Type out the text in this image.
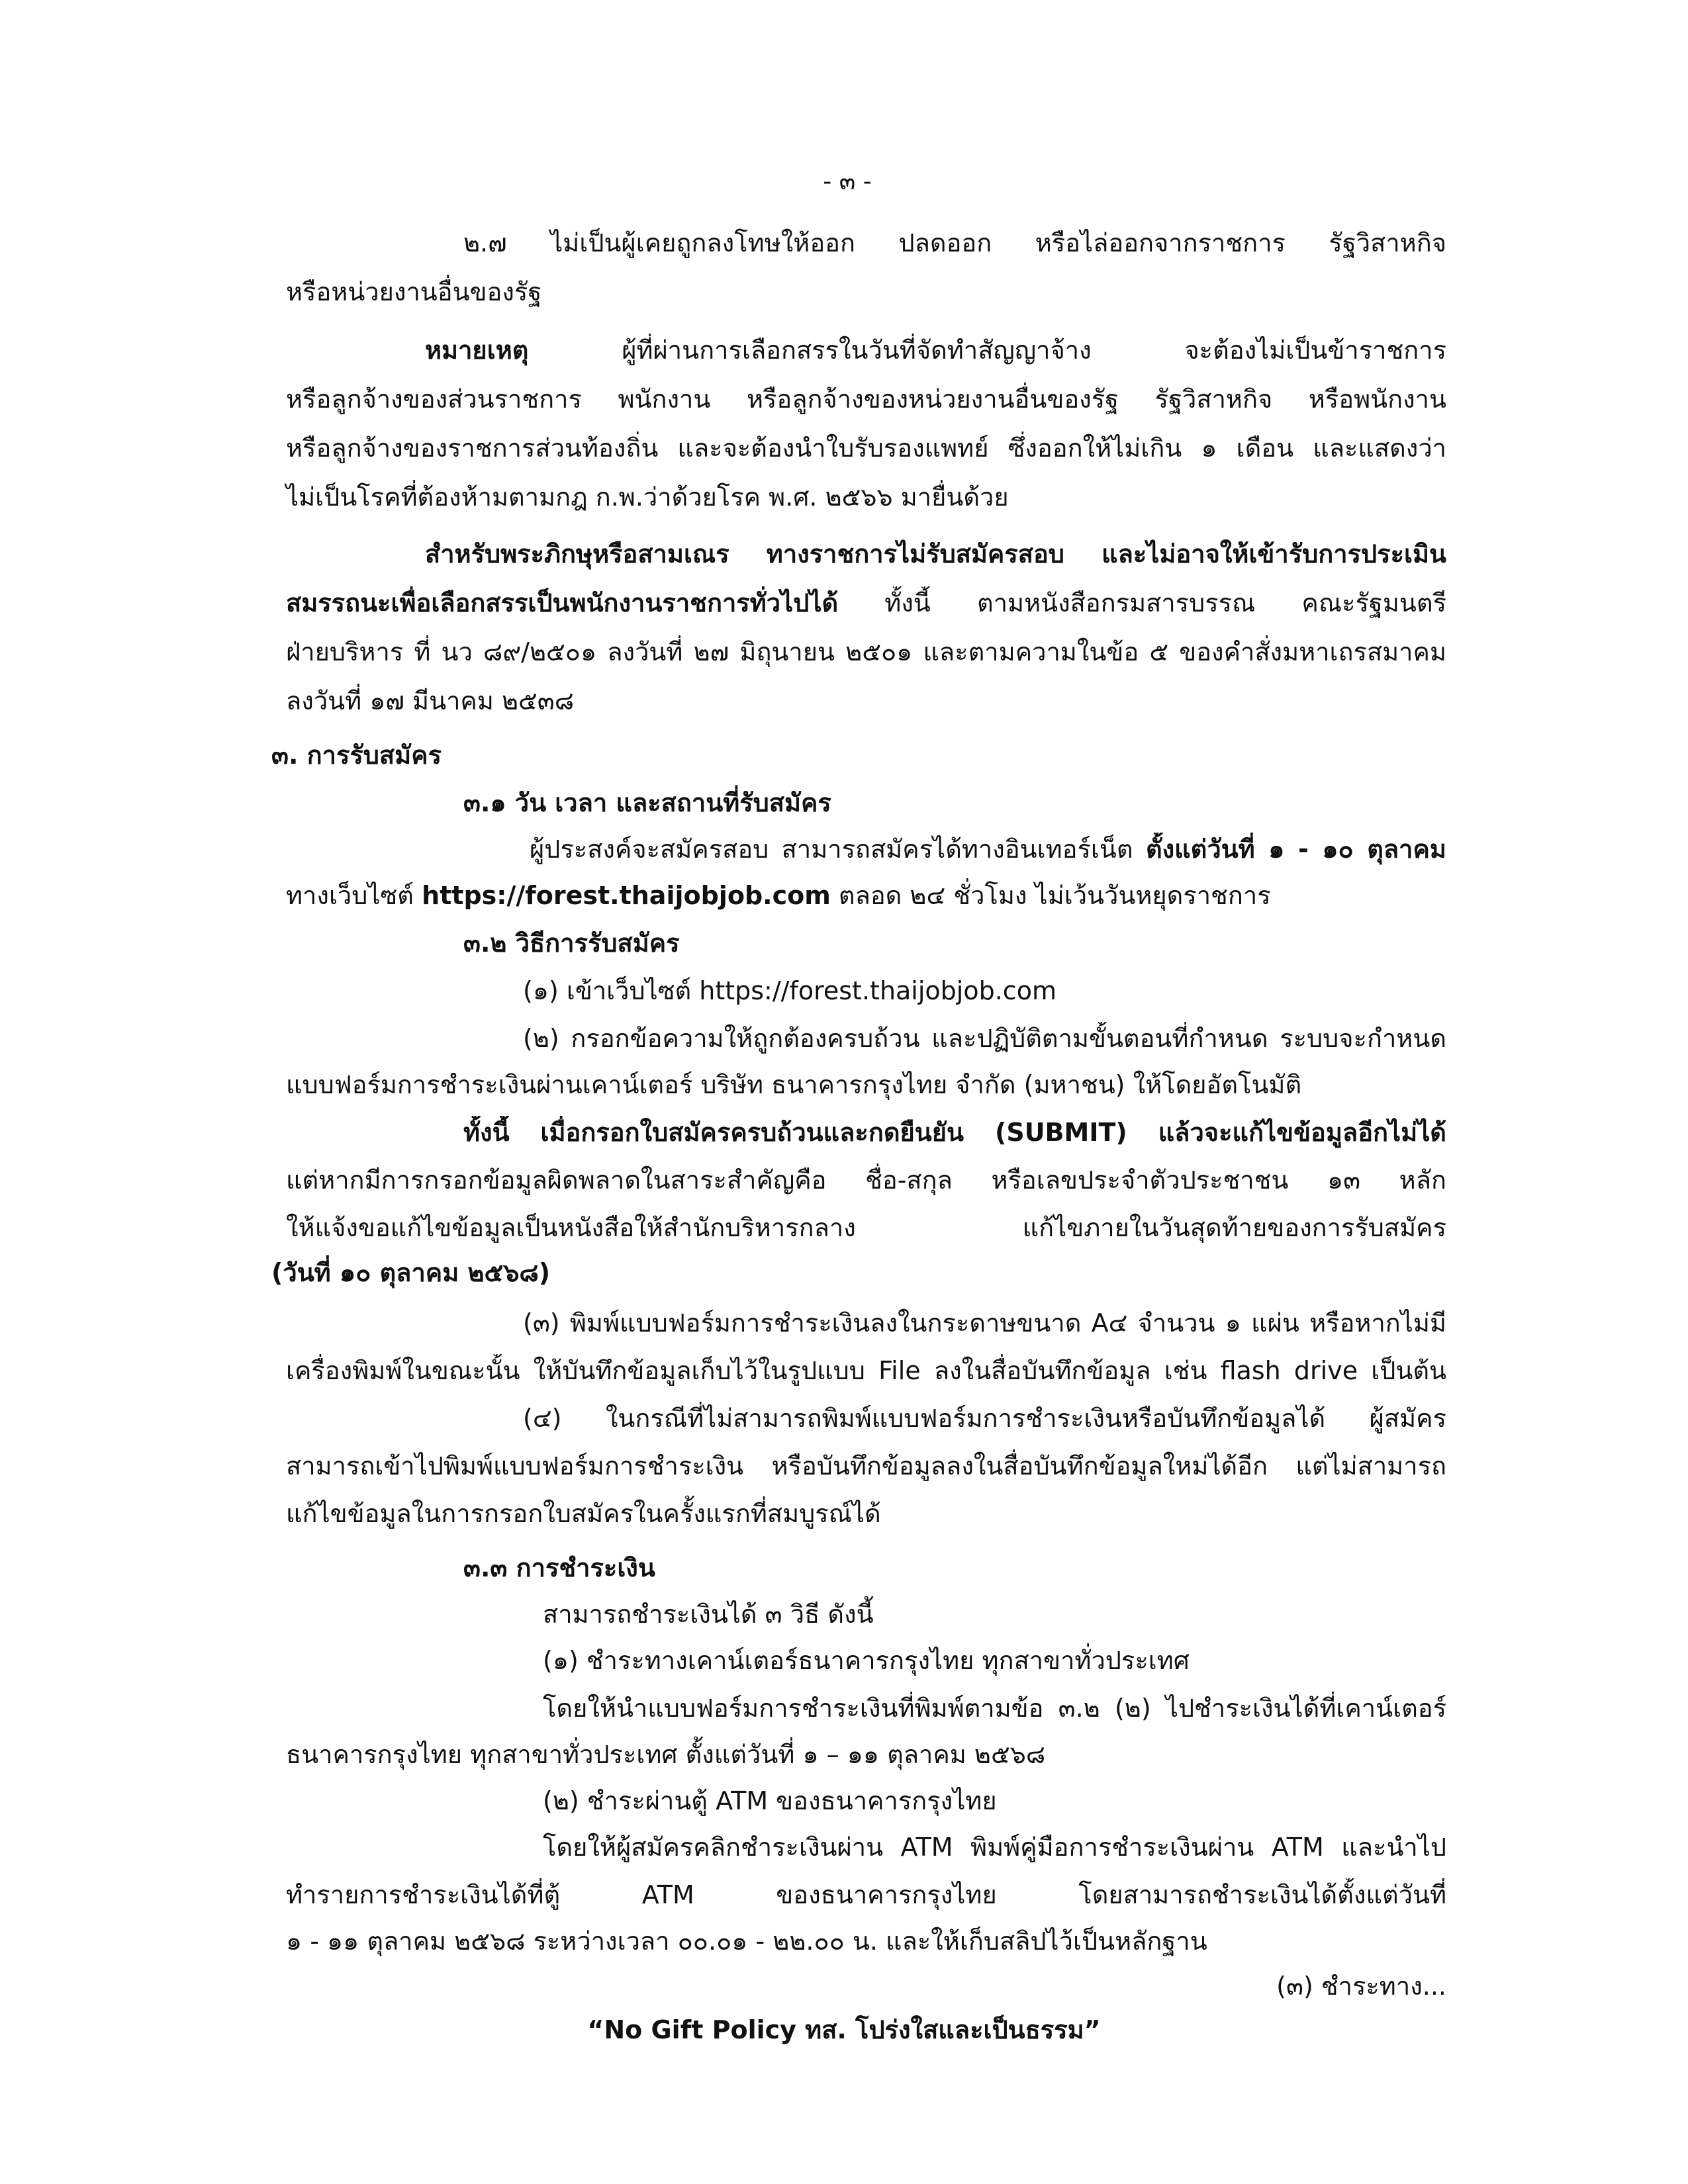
- ๓ -
๒.๗ ไม่เป็นผู้เคยถูกลงโทษให้ออก ปลดออก หรือไล่ออกจากราชการ รัฐวิสาหกิจ
หรือหน่วยงานอื่นของรัฐ
หมายเหตุ ผู้ที่ผ่านการเลือกสรรในวันที่จัดทำสัญญาจ้าง จะต้องไม่เป็นข้าราชการ
หรือลูกจ้างของส่วนราชการ พนักงาน หรือลูกจ้างของหน่วยงานอื่นของรัฐ รัฐวิสาหกิจ หรือพนักงาน
หรือลูกจ้างของราชการส่วนท้องถิ่น และจะต้องนำใบรับรองแพทย์ ซึ่งออกให้ไม่เกิน ๑ เดือน และแสดงว่า
ไม่เป็นโรคที่ต้องห้ามตามกฎ ก.พ.ว่าด้วยโรค พ.ศ. ๒๕๖๖ มายื่นด้วย
สำหรับพระภิกษุหรือสามเณร ทางราชการไม่รับสมัครสอบ และไม่อาจให้เข้ารับการประเมิน
สมรรถนะเพื่อเลือกสรรเป็นพนักงานราชการทั่วไปได้ ทั้งนี้ ตามหนังสือกรมสารบรรณ คณะรัฐมนตรี
ฝ่ายบริหาร ที่ นว ๘๙/๒๕๐๑ ลงวันที่ ๒๗ มิถุนายน ๒๕๐๑ และตามความในข้อ ๕ ของคำสั่งมหาเถรสมาคม
ลงวันที่ ๑๗ มีนาคม ๒๕๓๘
๓. การรับสมัคร
๓.๑ วัน เวลา และสถานที่รับสมัคร
ผู้ประสงค์จะสมัครสอบ สามารถสมัครได้ทางอินเทอร์เน็ต ตั้งแต่วันที่ ๑ - ๑๐ ตุลาคม
ทางเว็บไซต์ https://forest.thaijobjob.com ตลอด ๒๔ ชั่วโมง ไม่เว้นวันหยุดราชการ
๓.๒ วิธีการรับสมัคร
(๑) เข้าเว็บไซต์ https://forest.thaijobjob.com
(๒) กรอกข้อความให้ถูกต้องครบถ้วน และปฏิบัติตามขั้นตอนที่กำหนด ระบบจะกำหนด
แบบฟอร์มการชำระเงินผ่านเคาน์เตอร์ บริษัท ธนาคารกรุงไทย จำกัด (มหาชน) ให้โดยอัตโนมัติ
ทั้งนี้ เมื่อกรอกใบสมัครครบถ้วนและกดยืนยัน (SUBMIT) แล้วจะแก้ไขข้อมูลอีกไม่ได้
แต่หากมีการกรอกข้อมูลผิดพลาดในสาระสำคัญคือ ชื่อ-สกุล หรือเลขประจำตัวประชาชน ๑๓ หลัก
ให้แจ้งขอแก้ไขข้อมูลเป็นหนังสือให้สำนักบริหารกลาง แก้ไขภายในวันสุดท้ายของการรับสมัคร
(วันที่ ๑๐ ตุลาคม ๒๕๖๘)
(๓) พิมพ์แบบฟอร์มการชำระเงินลงในกระดาษขนาด A๔ จำนวน ๑ แผ่น หรือหากไม่มี
เครื่องพิมพ์ในขณะนั้น ให้บันทึกข้อมูลเก็บไว้ในรูปแบบ File ลงในสื่อบันทึกข้อมูล เช่น flash drive เป็นต้น
(๔) ในกรณีที่ไม่สามารถพิมพ์แบบฟอร์มการชำระเงินหรือบันทึกข้อมูลได้ ผู้สมัคร
สามารถเข้าไปพิมพ์แบบฟอร์มการชำระเงิน หรือบันทึกข้อมูลลงในสื่อบันทึกข้อมูลใหม่ได้อีก แต่ไม่สามารถ
แก้ไขข้อมูลในการกรอกใบสมัครในครั้งแรกที่สมบูรณ์ได้
๓.๓ การชำระเงิน
สามารถชำระเงินได้ ๓ วิธี ดังนี้
(๑) ชำระทางเคาน์เตอร์ธนาคารกรุงไทย ทุกสาขาทั่วประเทศ
โดยให้นำแบบฟอร์มการชำระเงินที่พิมพ์ตามข้อ ๓.๒ (๒) ไปชำระเงินได้ที่เคาน์เตอร์
ธนาคารกรุงไทย ทุกสาขาทั่วประเทศ ตั้งแต่วันที่ ๑ – ๑๑ ตุลาคม ๒๕๖๘
(๒) ชำระผ่านตู้ ATM ของธนาคารกรุงไทย
โดยให้ผู้สมัครคลิกชำระเงินผ่าน ATM พิมพ์คู่มือการชำระเงินผ่าน ATM และนำไป
ทำรายการชำระเงินได้ที่ตู้ ATM ของธนาคารกรุงไทย โดยสามารถชำระเงินได้ตั้งแต่วันที่
๑ - ๑๑ ตุลาคม ๒๕๖๘ ระหว่างเวลา ๐๐.๐๑ - ๒๒.๐๐ น. และให้เก็บสลิปไว้เป็นหลักฐาน
(๓) ชำระทาง...
“No Gift Policy ทส. โปร่งใสและเป็นธรรม”
